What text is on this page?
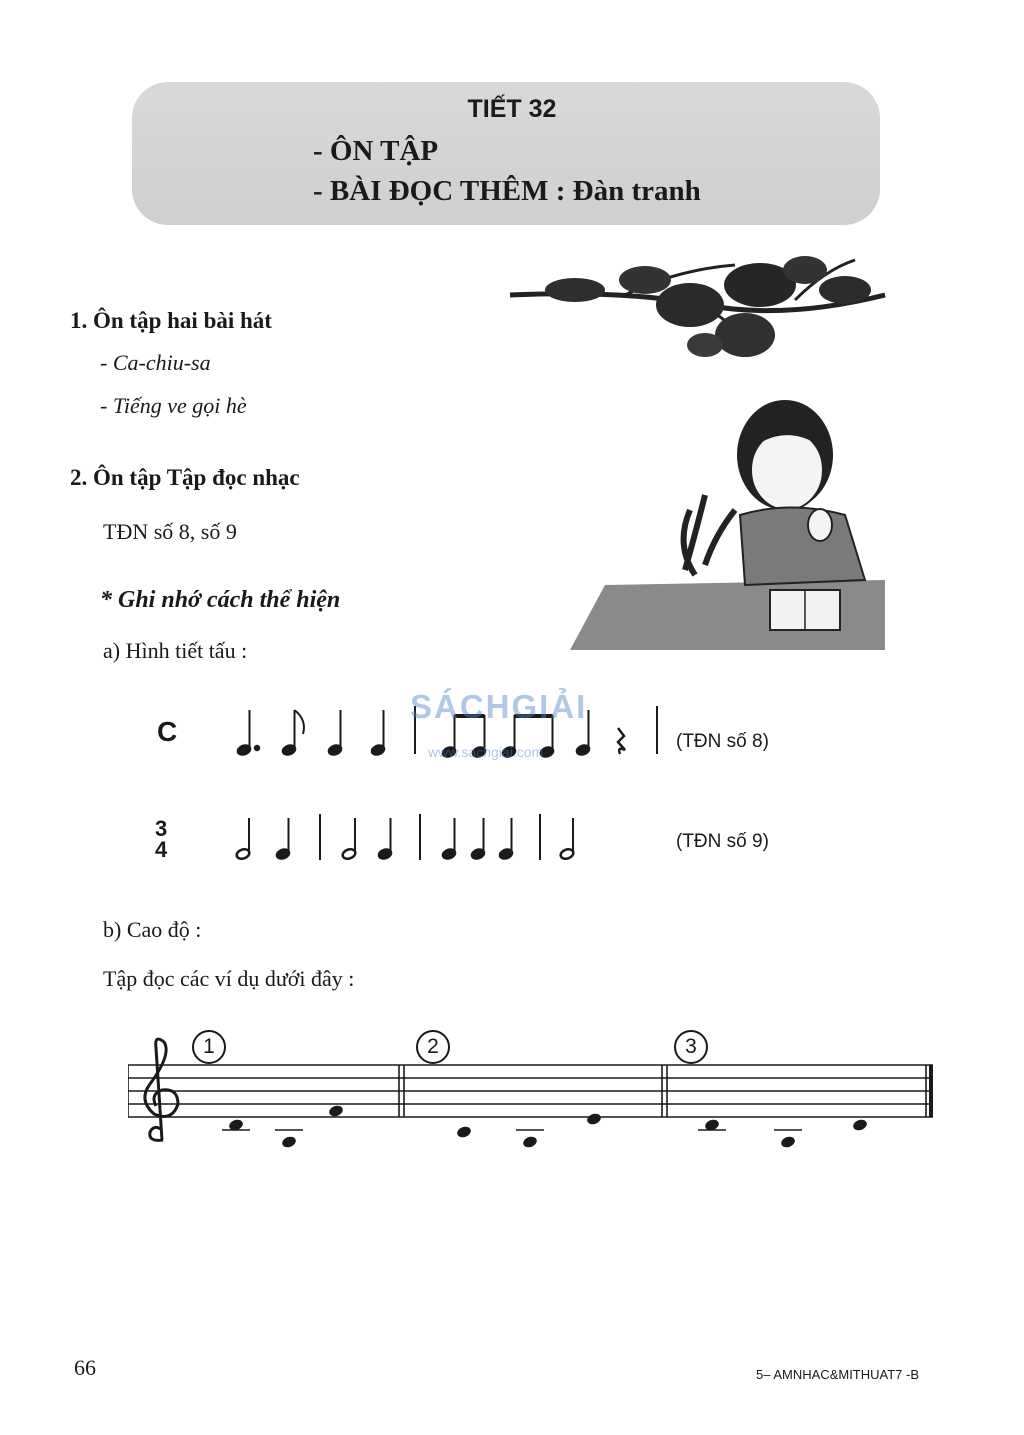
TIẾT 32
- ÔN TẬP
- BÀI ĐỌC THÊM : Đàn tranh
1. Ôn tập hai bài hát
- Ca-chiu-sa
- Tiếng ve gọi hè
2. Ôn tập Tập đọc nhạc
TĐN số 8, số 9
* Ghi nhớ cách thể hiện
a) Hình tiết tấu :
C	(TĐN số 8)
SÁCHGIẢI
www.sachgiai.com
3
4	(TĐN số 9)
b) Cao độ :
Tập đọc các ví dụ dưới đây :
1	2	3
66	5– AMNHAC&MITHUAT7 -B
